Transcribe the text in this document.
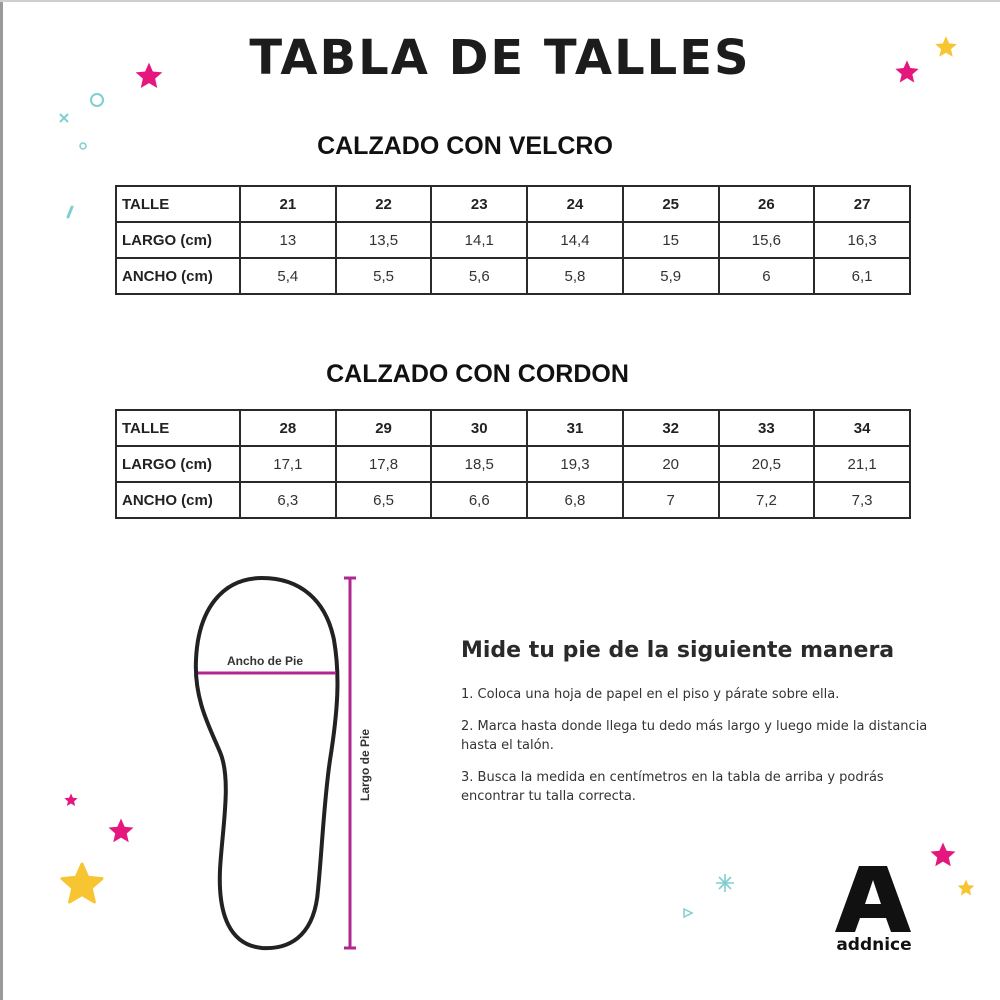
TABLA DE TALLES
CALZADO CON VELCRO
TALLE	21	22	23	24	25	26	27
LARGO (cm)	13	13,5	14,1	14,4	15	15,6	16,3
ANCHO (cm)	5,4	5,5	5,6	5,8	5,9	6	6,1
CALZADO CON CORDON
TALLE	28	29	30	31	32	33	34
LARGO (cm)	17,1	17,8	18,5	19,3	20	20,5	21,1
ANCHO (cm)	6,3	6,5	6,6	6,8	7	7,2	7,3
Ancho de Pie
Largo de Pie
Mide tu pie de la siguiente manera
1. Coloca una hoja de papel en el piso y párate sobre ella.
2. Marca hasta donde llega tu dedo más largo y luego mide la distancia hasta el talón.
3. Busca la medida en centímetros en la tabla de arriba y podrás encontrar tu talla correcta.
addnice
